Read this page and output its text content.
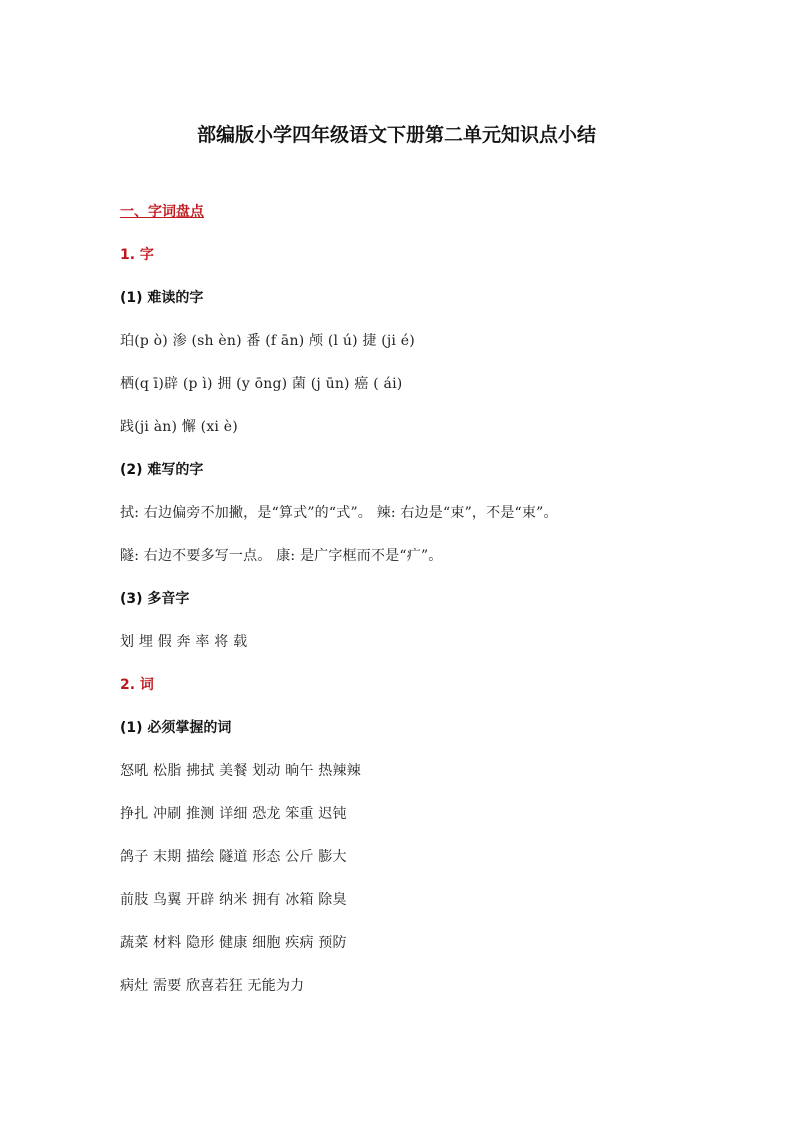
部编版小学四年级语文下册第二单元知识点小结
一、字词盘点
1. 字
(1) 难读的字
珀(p ò) 渗 (sh èn) 番 (f ān) 颅 (l ú) 捷 (ji é)
栖(q ī)辟 (p ì) 拥 (y ōng) 菌 (j ūn) 癌 ( ái)
践(ji àn) 懈 (xi è)
(2) 难写的字
拭: 右边偏旁不加撇，是“算式”的“式”。 辣: 右边是“束”，不是“束”。
隧: 右边不要多写一点。 康: 是广字框而不是“疒”。
(3) 多音字
划 埋 假 奔 率 将 载
2. 词
(1) 必须掌握的词
怒吼 松脂 拂拭 美餐 划动 晌午 热辣辣
挣扎 冲刷 推测 详细 恐龙 笨重 迟钝
鸽子 末期 描绘 隧道 形态 公斤 膨大
前肢 鸟翼 开辟 纳米 拥有 冰箱 除臭
蔬菜 材料 隐形 健康 细胞 疾病 预防
病灶 需要 欣喜若狂 无能为力
